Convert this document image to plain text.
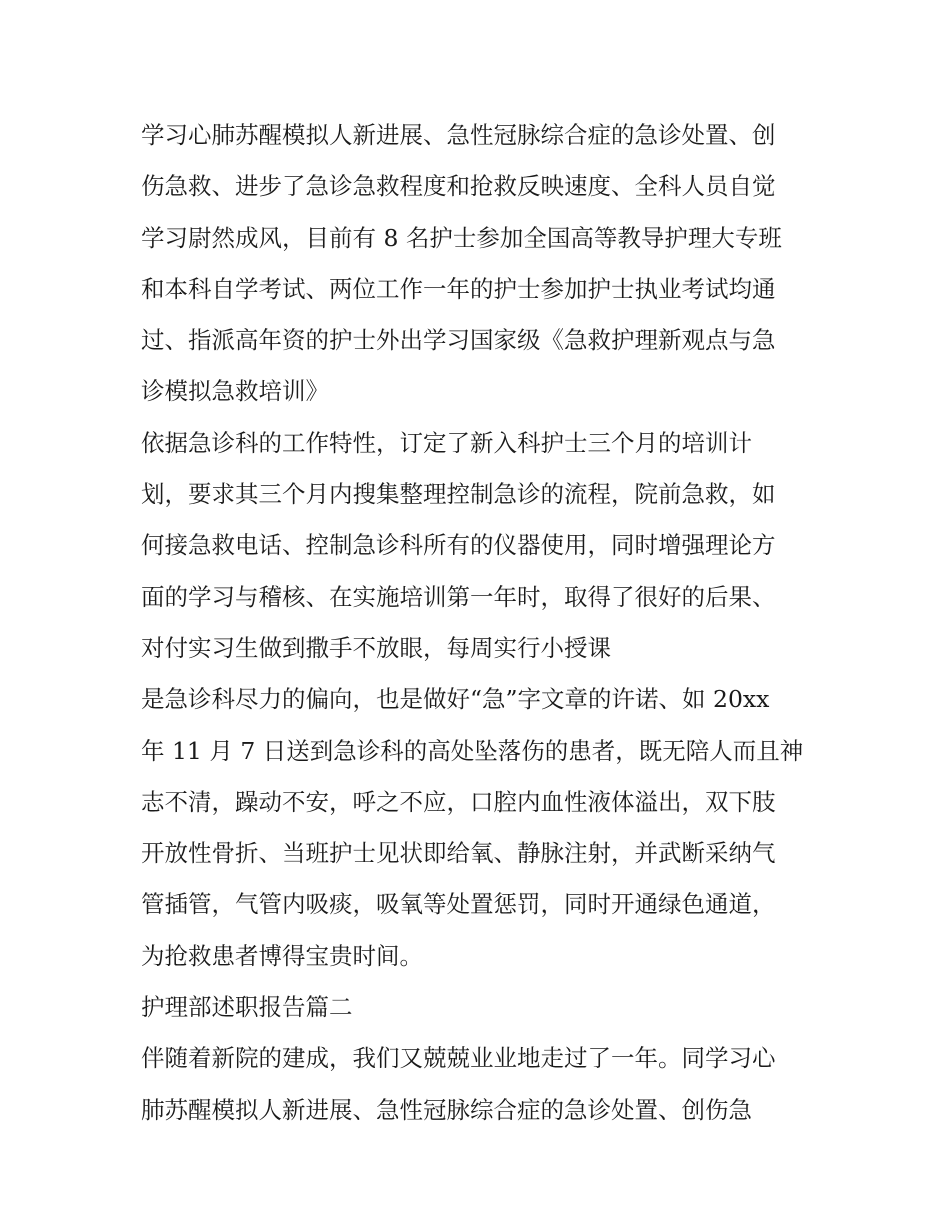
学习心肺苏醒模拟人新进展、急性冠脉综合症的急诊处置、创
伤急救、进步了急诊急救程度和抢救反映速度、全科人员自觉
学习尉然成风，目前有 8 名护士参加全国高等教导护理大专班
和本科自学考试、两位工作一年的护士参加护士执业考试均通
过、指派高年资的护士外出学习国家级《急救护理新观点与急
诊模拟急救培训》
依据急诊科的工作特性，订定了新入科护士三个月的培训计
划，要求其三个月内搜集整理控制急诊的流程，院前急救，如
何接急救电话、控制急诊科所有的仪器使用，同时增强理论方
面的学习与稽核、在实施培训第一年时，取得了很好的后果、
对付实习生做到撒手不放眼，每周实行小授课
是急诊科尽力的偏向，也是做好“急”字文章的许诺、如 20xx
年 11 月 7 日送到急诊科的高处坠落伤的患者，既无陪人而且神
志不清，躁动不安，呼之不应，口腔内血性液体溢出，双下肢
开放性骨折、当班护士见状即给氧、静脉注射，并武断采纳气
管插管，气管内吸痰，吸氧等处置惩罚，同时开通绿色通道，
为抢救患者博得宝贵时间。
护理部述职报告篇二
伴随着新院的建成，我们又兢兢业业地走过了一年。同学习心
肺苏醒模拟人新进展、急性冠脉综合症的急诊处置、创伤急
